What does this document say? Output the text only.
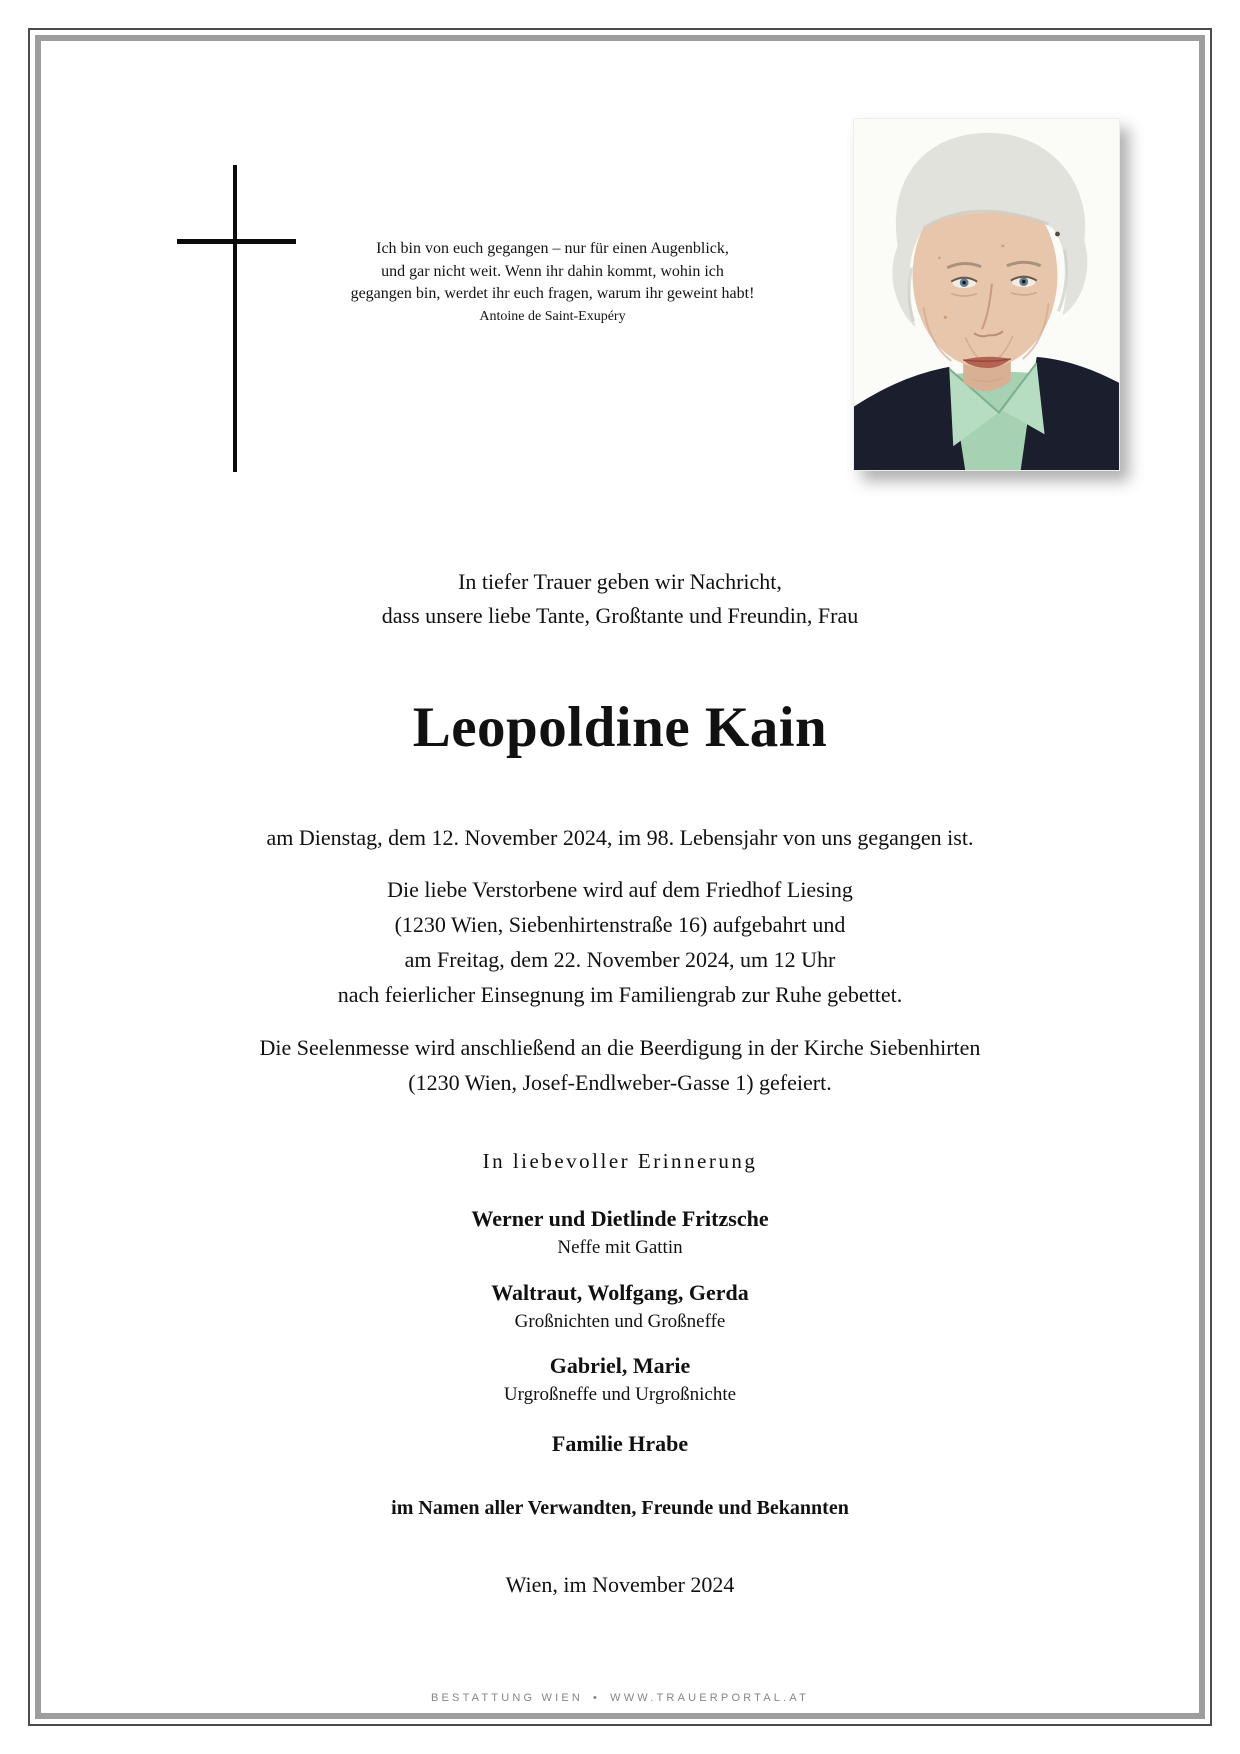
Ich bin von euch gegangen – nur für einen Augenblick,
und gar nicht weit. Wenn ihr dahin kommt, wohin ich
gegangen bin, werdet ihr euch fragen, warum ihr geweint habt!
Antoine de Saint-Exupéry
In tiefer Trauer geben wir Nachricht,
dass unsere liebe Tante, Großtante und Freundin, Frau
Leopoldine Kain
am Dienstag, dem 12. November 2024, im 98. Lebensjahr von uns gegangen ist.
Die liebe Verstorbene wird auf dem Friedhof Liesing
(1230 Wien, Siebenhirtenstraße 16) aufgebahrt und
am Freitag, dem 22. November 2024, um 12 Uhr
nach feierlicher Einsegnung im Familiengrab zur Ruhe gebettet.
Die Seelenmesse wird anschließend an die Beerdigung in der Kirche Siebenhirten
(1230 Wien, Josef-Endlweber-Gasse 1) gefeiert.
In liebevoller Erinnerung
Werner und Dietlinde Fritzsche
Neffe mit Gattin
Waltraut, Wolfgang, Gerda
Großnichten und Großneffe
Gabriel, Marie
Urgroßneffe und Urgroßnichte
Familie Hrabe
im Namen aller Verwandten, Freunde und Bekannten
Wien, im November 2024
BESTATTUNG WIEN • WWW.TRAUERPORTAL.AT
